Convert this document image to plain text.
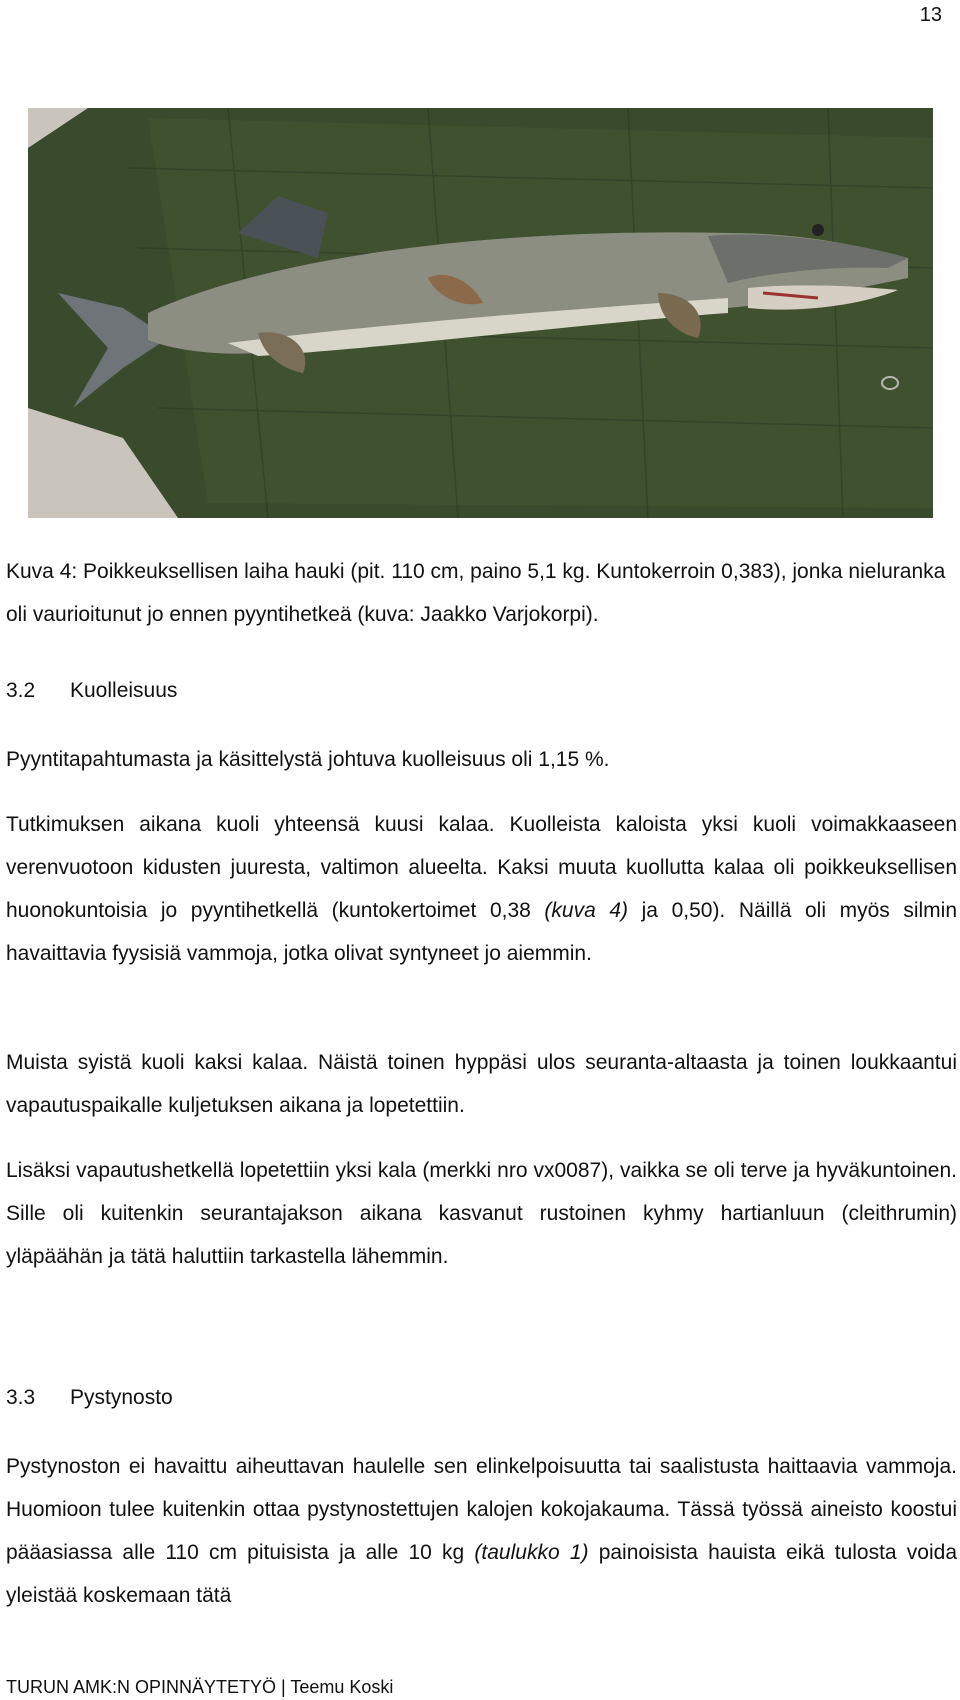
13
Kuva 4: Poikkeuksellisen laiha hauki (pit. 110 cm, paino 5,1 kg. Kuntokerroin 0,383), jonka nieluranka oli vaurioitunut jo ennen pyyntihetkeä (kuva: Jaakko Varjokorpi).
3.2 Kuolleisuus

Pyyntitapahtumasta ja käsittelystä johtuva kuolleisuus oli 1,15 %.

Tutkimuksen aikana kuoli yhteensä kuusi kalaa. Kuolleista kaloista yksi kuoli voimakkaaseen verenvuotoon kidusten juuresta, valtimon alueelta. Kaksi muuta kuollutta kalaa oli poikkeuksellisen huonokuntoisia jo pyyntihetkellä (kuntokertoimet 0,38 (kuva 4) ja 0,50). Näillä oli myös silmin havaittavia fyysisiä vammoja, jotka olivat syntyneet jo aiemmin.

Muista syistä kuoli kaksi kalaa. Näistä toinen hyppäsi ulos seuranta-altaasta ja toinen loukkaantui vapautuspaikalle kuljetuksen aikana ja lopetettiin.

Lisäksi vapautushetkellä lopetettiin yksi kala (merkki nro vx0087), vaikka se oli terve ja hyväkuntoinen. Sille oli kuitenkin seurantajakson aikana kasvanut rustoinen kyhmy hartianluun (cleithrumin) yläpäähän ja tätä haluttiin tarkastella lähemmin.

3.3 Pystynosto

Pystynoston ei havaittu aiheuttavan haulelle sen elinkelpoisuutta tai saalistusta haittaavia vammoja. Huomioon tulee kuitenkin ottaa pystynostettujen kalojen kokojakauma. Tässä työssä aineisto koostui pääasiassa alle 110 cm pituisista ja alle 10 kg (taulukko 1) painoisista hauista eikä tulosta voida yleistää koskemaan tätä

TURUN AMK:N OPINNÄYTETYÖ | Teemu Koski
